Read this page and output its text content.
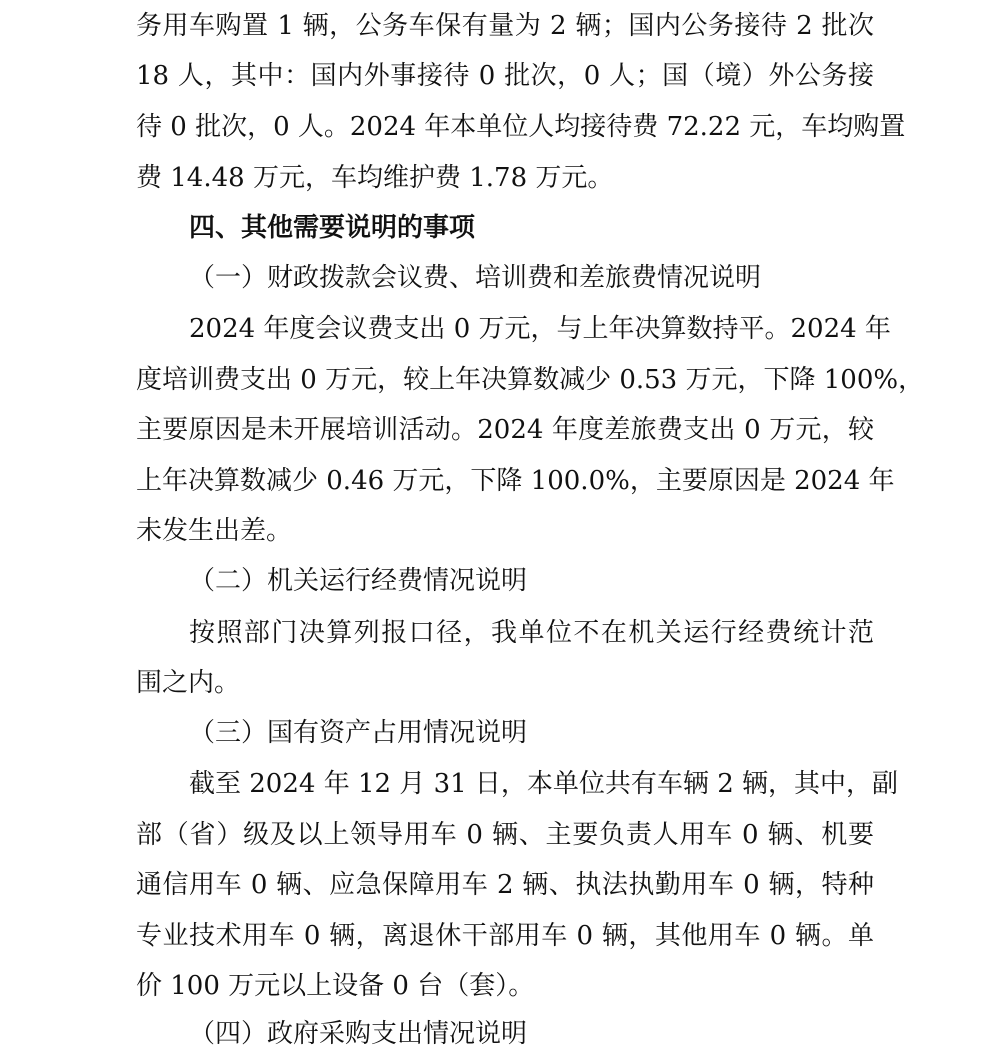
务用车购置 1 辆，公务车保有量为 2 辆；国内公务接待 2 批次
18 人，其中：国内外事接待 0 批次，0 人；国（境）外公务接
待 0 批次，0 人。2024 年本单位人均接待费 72.22 元，车均购置
费 14.48 万元，车均维护费 1.78 万元。
四、其他需要说明的事项
（一）财政拨款会议费、培训费和差旅费情况说明
2024 年度会议费支出 0 万元，与上年决算数持平。2024 年
度培训费支出 0 万元，较上年决算数减少 0.53 万元，下降 100%，
主要原因是未开展培训活动。2024 年度差旅费支出 0 万元，较
上年决算数减少 0.46 万元，下降 100.0%，主要原因是 2024 年
未发生出差。
（二）机关运行经费情况说明
按照部门决算列报口径，我单位不在机关运行经费统计范
围之内。
（三）国有资产占用情况说明
截至 2024 年 12 月 31 日，本单位共有车辆 2 辆，其中，副
部（省）级及以上领导用车 0 辆、主要负责人用车 0 辆、机要
通信用车 0 辆、应急保障用车 2 辆、执法执勤用车 0 辆，特种
专业技术用车 0 辆，离退休干部用车 0 辆，其他用车 0 辆。单
价 100 万元以上设备 0 台（套）。
（四）政府采购支出情况说明
